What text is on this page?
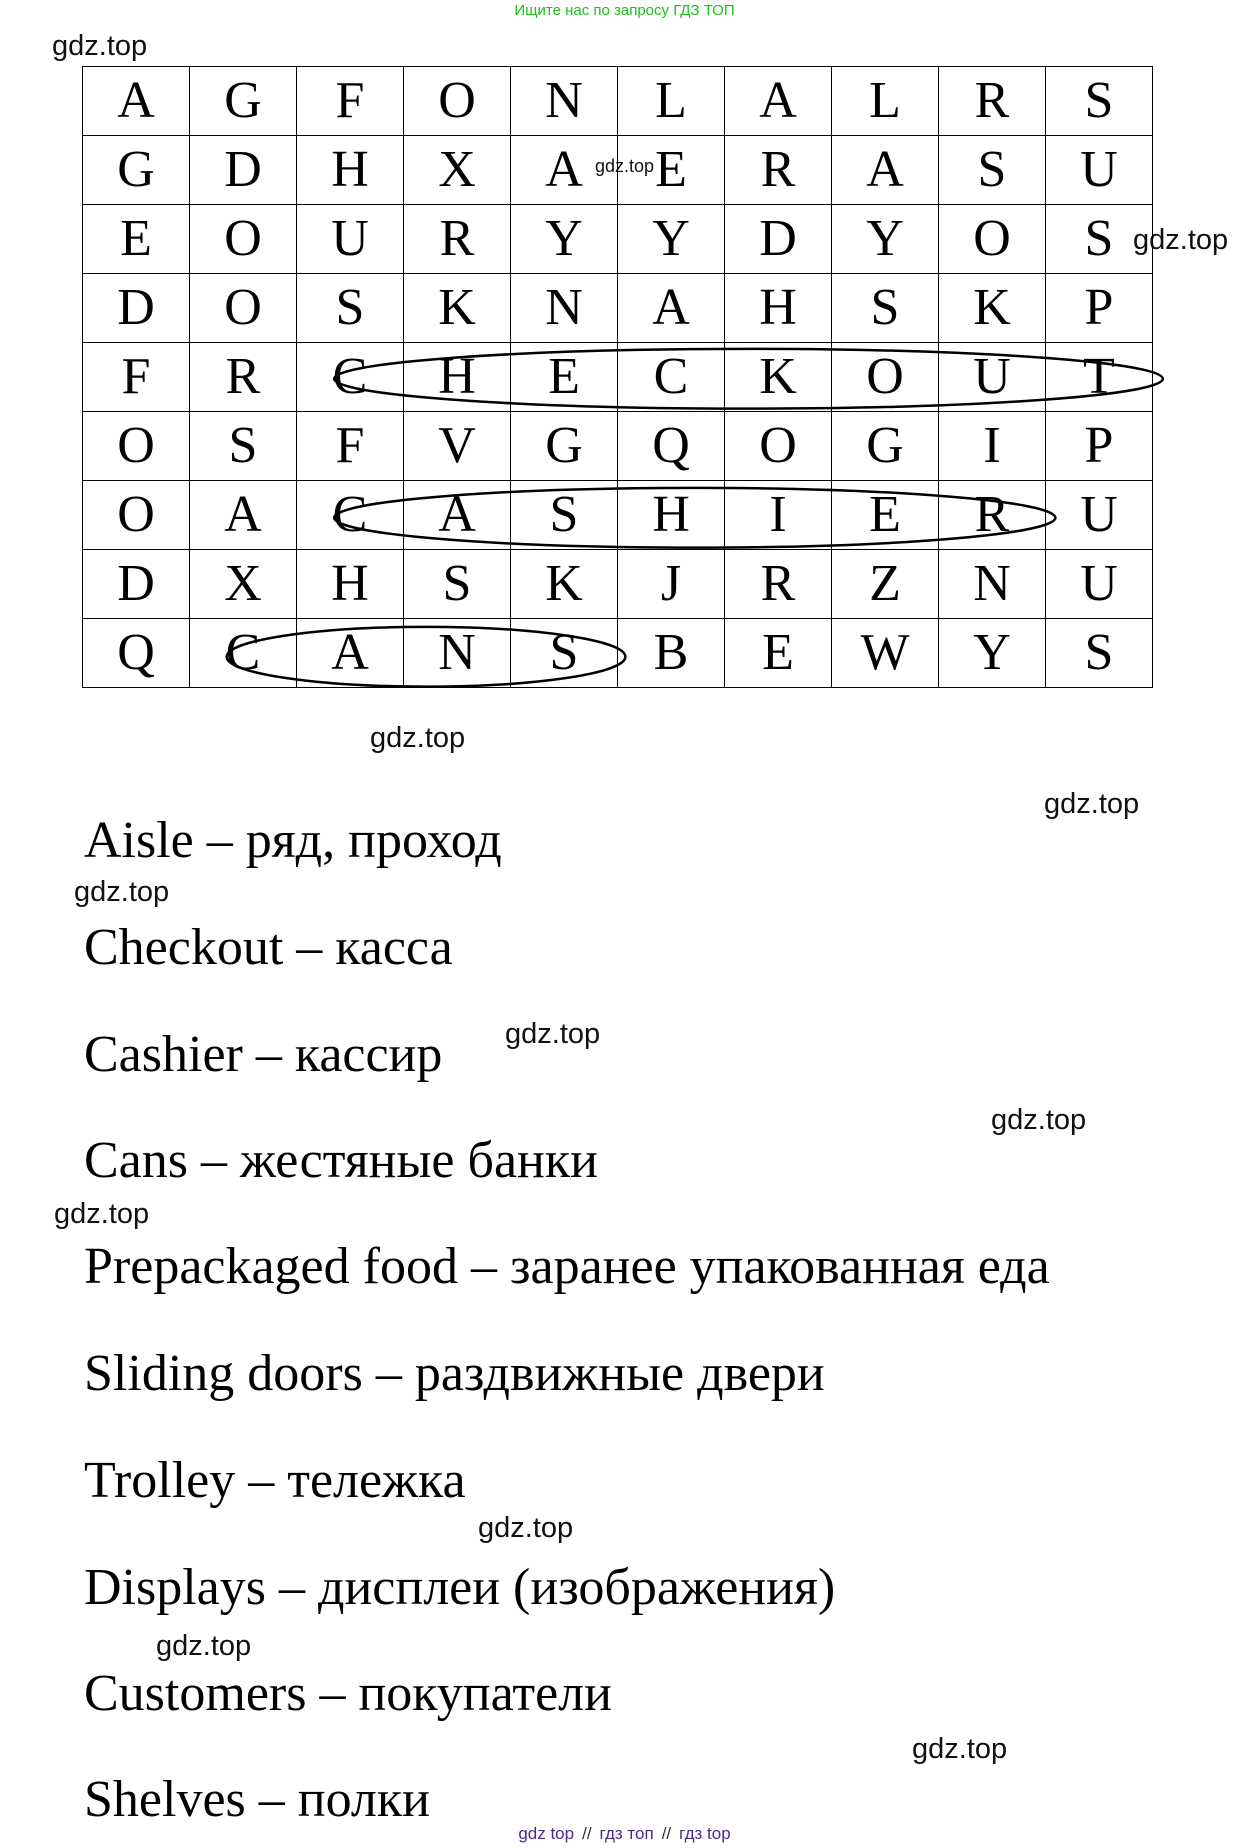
Ищите нас по запросу ГДЗ ТОП
gdz.top
gdz.top
gdz.top
gdz.top
gdz.top
gdz.top
gdz.top
gdz.top
gdz.top
gdz.top
gdz.top
gdz.top
A	G	F	O	N	L	A	L	R	S
G	D	H	X	A	E	R	A	S	U
E	O	U	R	Y	Y	D	Y	O	S
D	O	S	K	N	A	H	S	K	P
F	R	C	H	E	C	K	O	U	T
O	S	F	V	G	Q	O	G	I	P
O	A	C	A	S	H	I	E	R	U
D	X	H	S	K	J	R	Z	N	U
Q	C	A	N	S	B	E	W	Y	S
Aisle – ряд, проход
Checkout – касса
Cashier – кассир
Cans – жестяные банки
Prepackaged food – заранее упакованная еда
Sliding doors – раздвижные двери
Trolley – тележка
Displays – дисплеи (изображения)
Customers – покупатели
Shelves – полки
gdz top // гдз топ // гдз top
